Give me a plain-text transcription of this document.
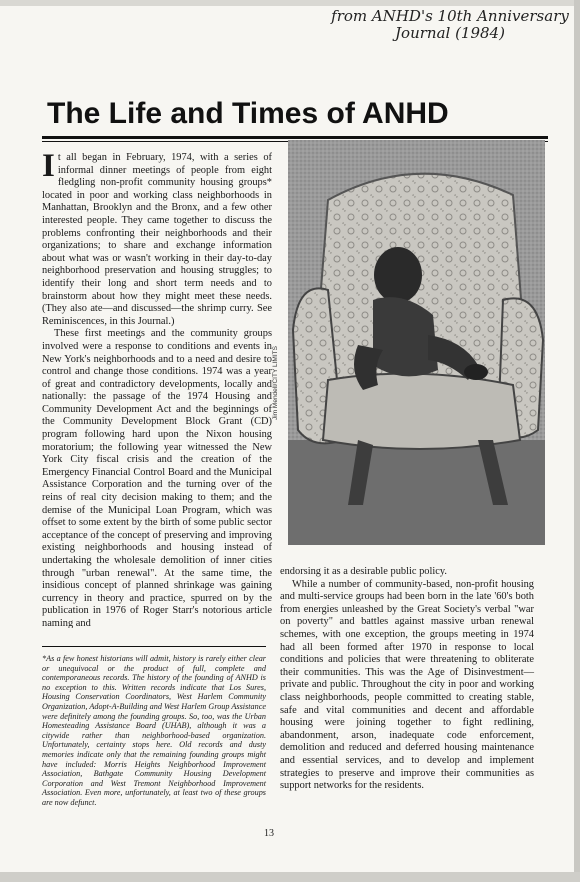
from ANHD's 10th Anniversary
Journal (1984)
The Life and Times of ANHD

It all began in February, 1974, with a series of informal dinner meetings of people from eight fledgling non-profit community housing groups* located in poor and working class neighborhoods in Manhattan, Brooklyn and the Bronx, and a few other interested people. They came together to discuss the problems confronting their neighborhoods and their organizations; to share and exchange information about what was or wasn't working in their day-to-day neighborhood preservation and housing struggles; to identify their long and short term needs and to brainstorm about how they might meet these needs. (They also ate—and discussed—the shrimp curry. See Reminiscences, in this Journal.)

These first meetings and the community groups involved were a response to conditions and events in New York's neighborhoods and to a need and desire to control and change those conditions. 1974 was a year of great and contradictory developments, locally and nationally: the passage of the 1974 Housing and Community Development Act and the beginnings of the Community Development Block Grant (CD) program following hard upon the Nixon housing moratorium; the following year witnessed the New York City fiscal crisis and the creation of the Emergency Financial Control Board and the Municipal Assistance Corporation and the turning over of the reins of real city decision making to them; and the demise of the Municipal Loan Program, which was offset to some extent by the birth of some public sector acceptance of the concept of preserving and improving existing neighborhoods and housing instead of undertaking the wholesale demolition of inner cities through "urban renewal". At the same time, the insidious concept of planned shrinkage was gaining currency in theory and practice, spurred on by the publication in 1976 of Roger Starr's notorious article naming and

Jim Mendell/CITY LIMITS

endorsing it as a desirable public policy.

While a number of community-based, non-profit housing and multi-service groups had been born in the late '60's both from energies unleashed by the Great Society's verbal "war on poverty" and battles against massive urban renewal schemes, with one exception, the groups meeting in 1974 had all been formed after 1970 in response to local conditions and policies that were threatening to obliterate their communities. This was the Age of Disinvestment—private and public. Throughout the city in poor and working class neighborhoods, people committed to creating stable, safe and vital communities and decent and affordable housing were joining together to fight redlining, abandonment, arson, inadequate code enforcement, demolition and reduced and deferred housing maintenance and essential services, and to develop and implement strategies to preserve and improve their communities as support networks for the residents.

*As a few honest historians will admit, history is rarely either clear or unequivocal or the product of full, complete and contemporaneous records. The history of the founding of ANHD is no exception to this. Written records indicate that Los Sures, Housing Conservation Coordinators, West Harlem Community Organization, Adopt-A-Building and West Harlem Group Assistance were definitely among the founding groups. So, too, was the Urban Homesteading Assistance Board (UHAB), although it was a citywide rather than neighborhood-based organization. Unfortunately, certainty stops here. Old records and dusty memories indicate only that the remaining founding groups might have included: Morris Heights Neighborhood Improvement Association, Bathgate Community Housing Development Corporation and West Tremont Neighborhood Improvement Association. Even more, unfortunately, at least two of these groups are now defunct.

13
